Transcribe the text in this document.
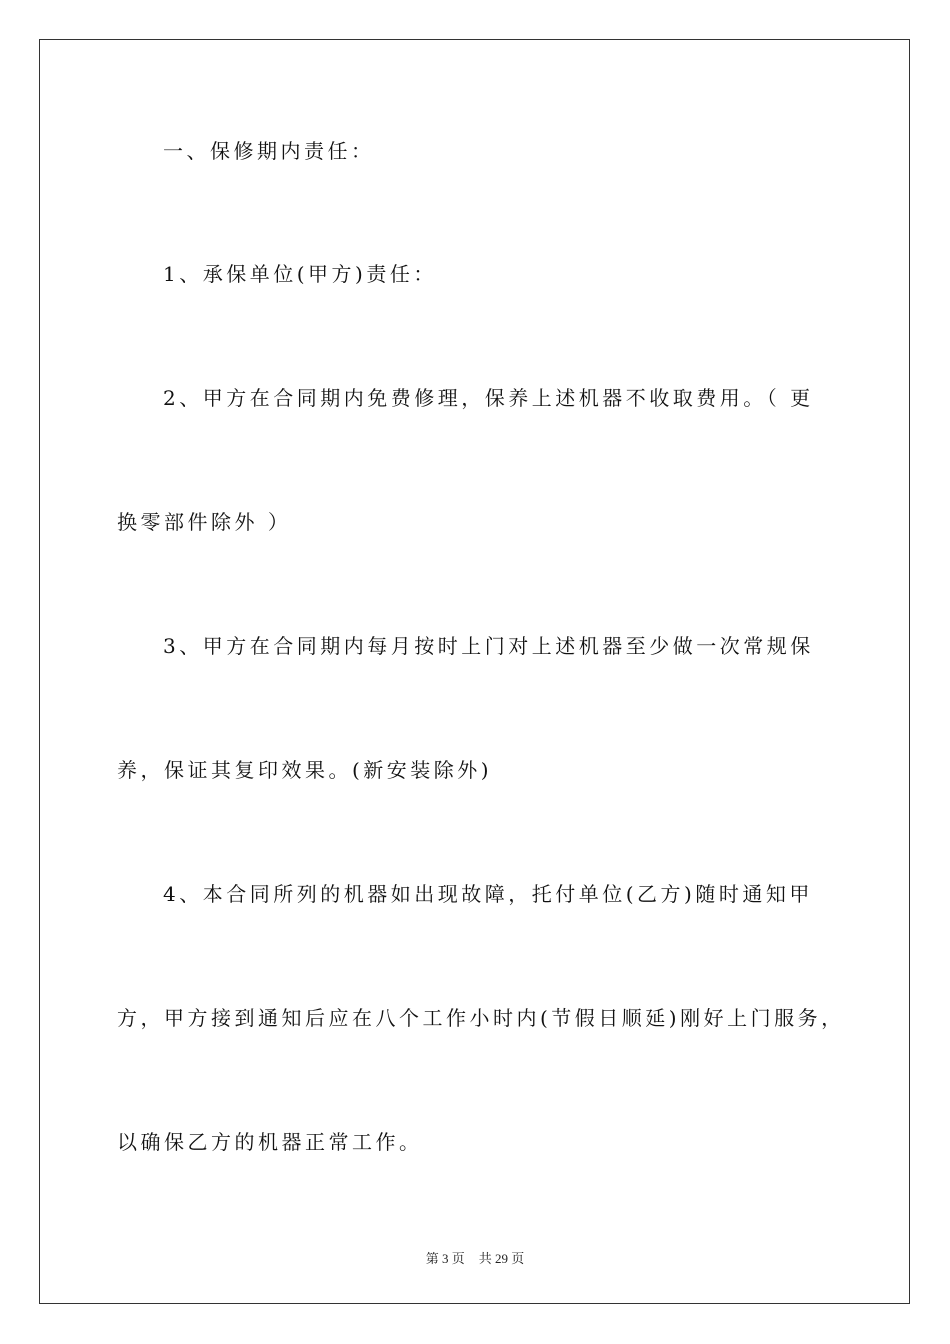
一、保修期内责任：
1、承保单位(甲方)责任：
2、甲方在合同期内免费修理，保养上述机器不收取费用。（ 更
换零部件除外 ）
3、甲方在合同期内每月按时上门对上述机器至少做一次常规保
养，保证其复印效果。(新安装除外)
4、本合同所列的机器如出现故障，托付单位(乙方)随时通知甲
方，甲方接到通知后应在八个工作小时内(节假日顺延)刚好上门服务，
以确保乙方的机器正常工作。
第 3 页 共 29 页
